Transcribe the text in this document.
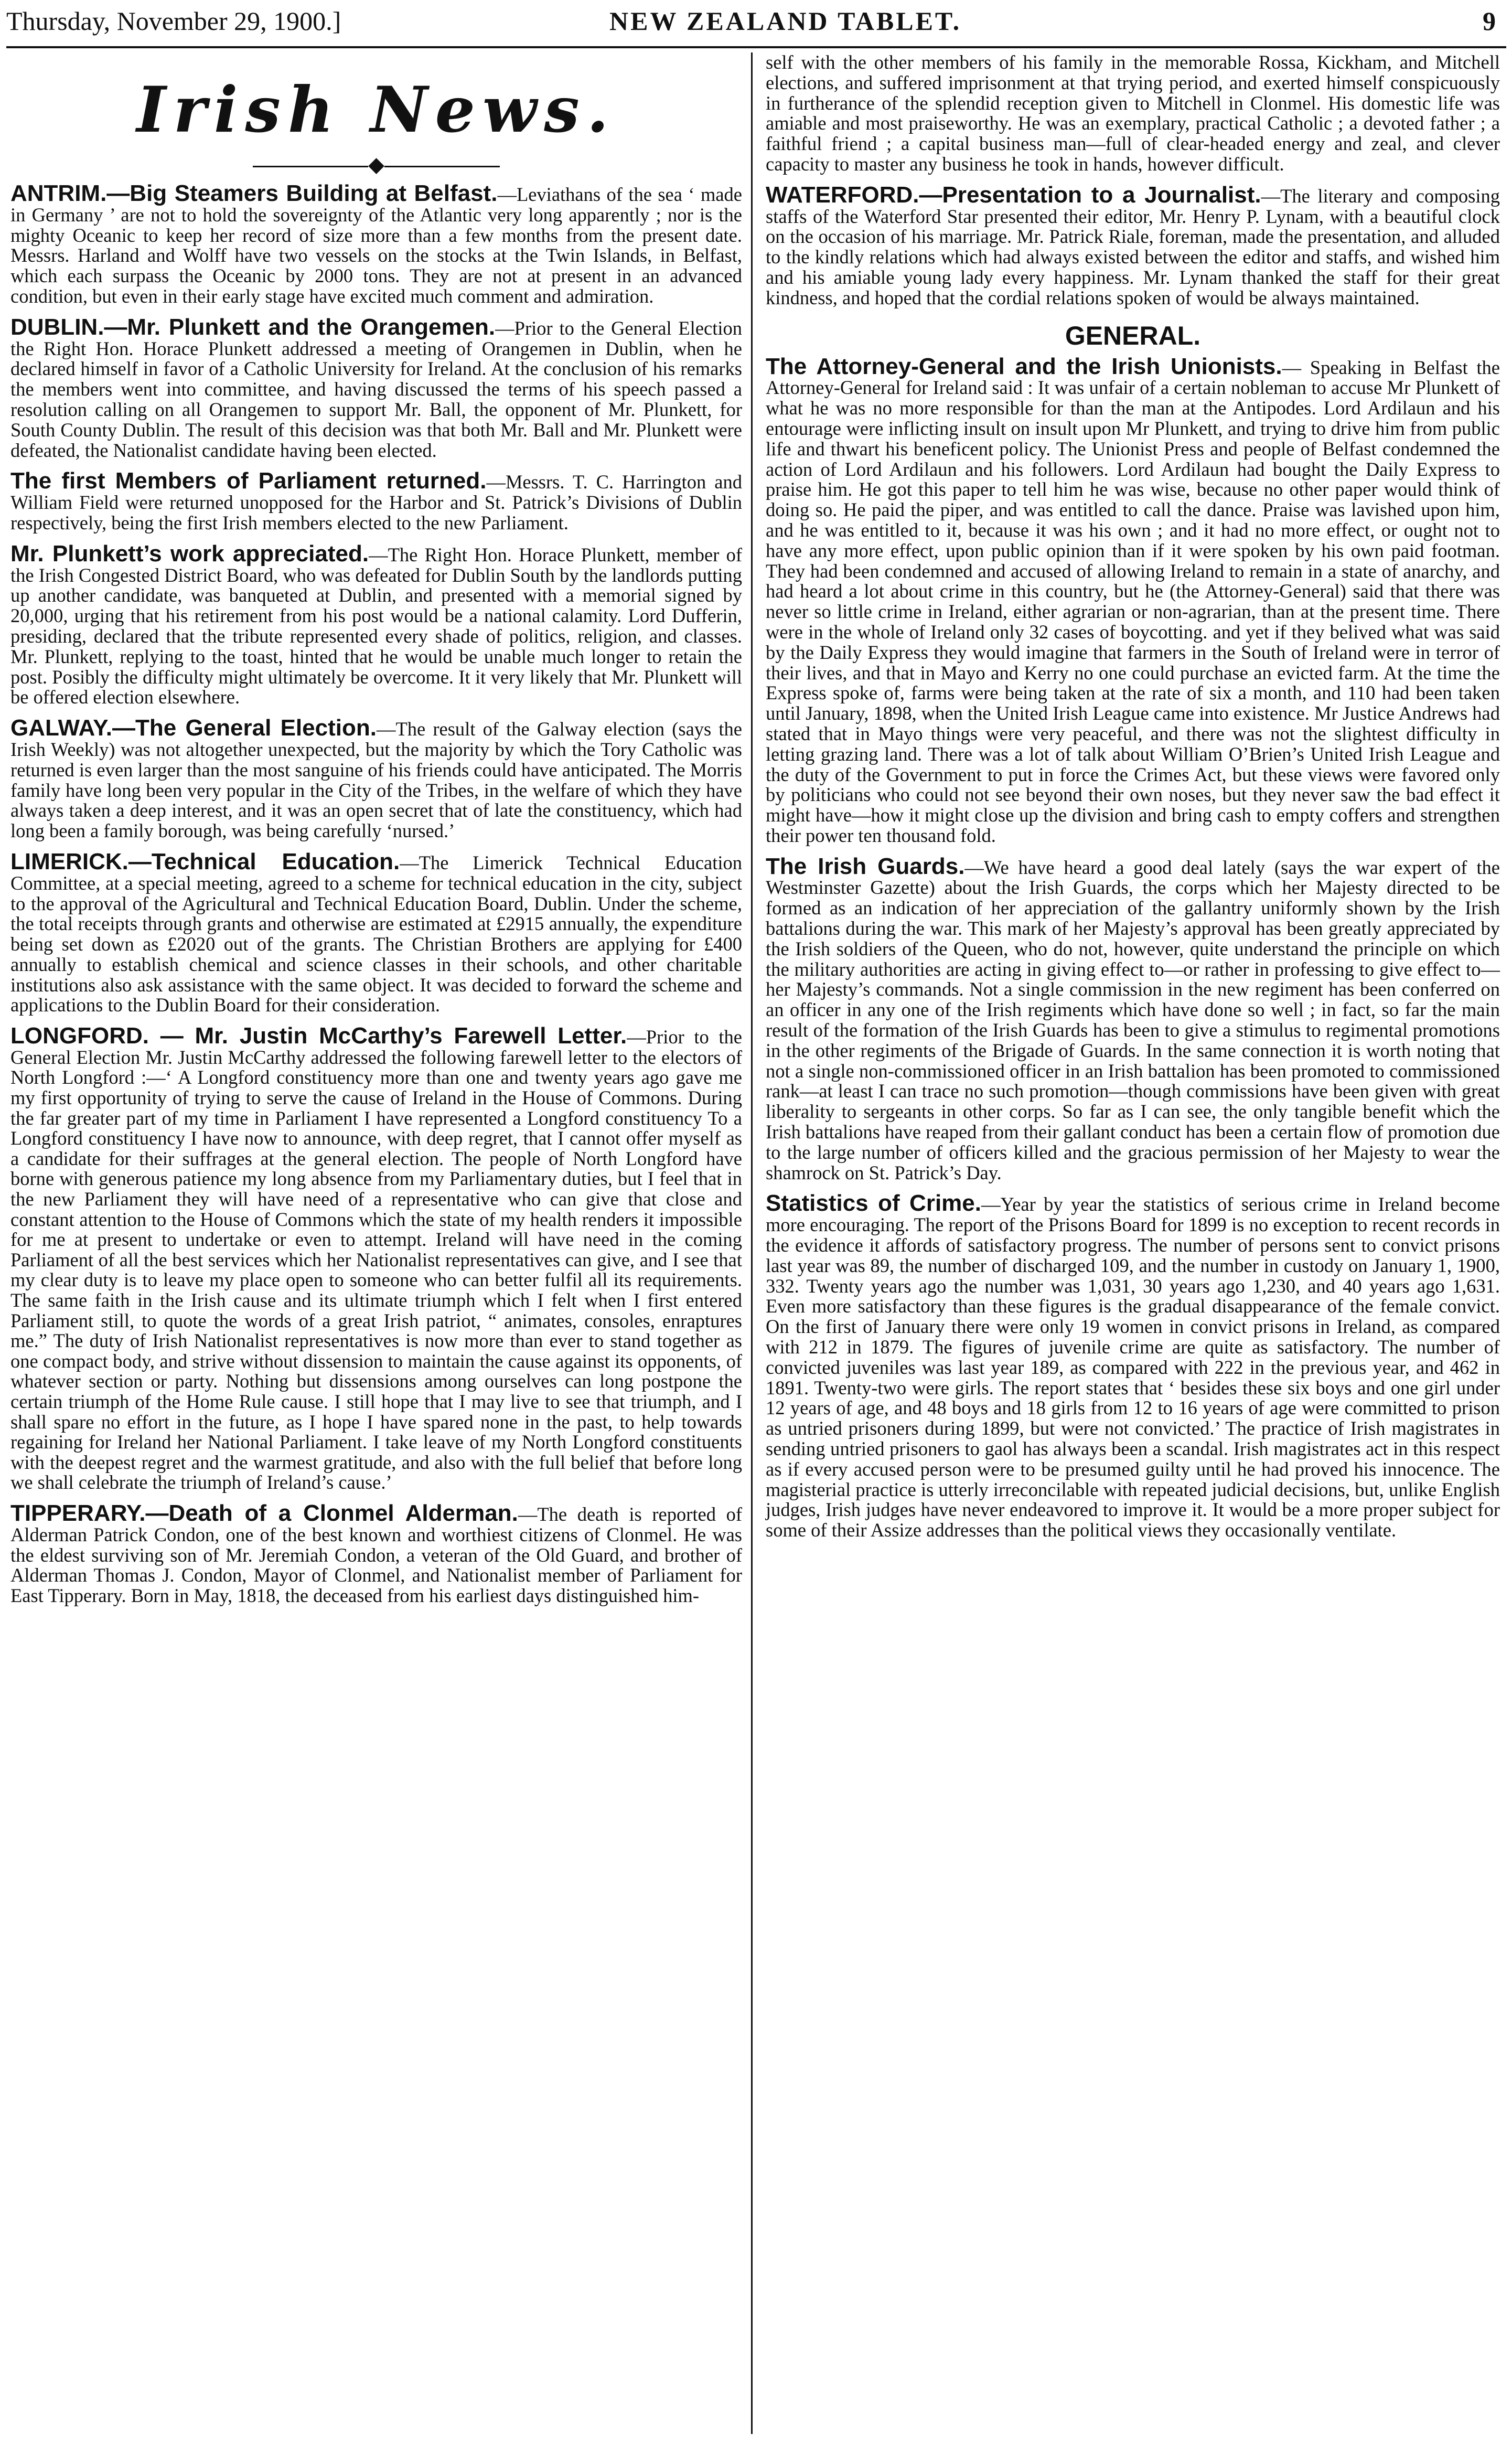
Thursday, November 29, 1900.]	NEW ZEALAND TABLET.	9
Irish News.
◆

ANTRIM.—Big Steamers Building at Belfast.—Leviathans of the sea ‘ made in Germany ’ are not to hold the sovereignty of the Atlantic very long apparently ; nor is the mighty Oceanic to keep her record of size more than a few months from the present date. Messrs. Harland and Wolff have two vessels on the stocks at the Twin Islands, in Belfast, which each surpass the Oceanic by 2000 tons. They are not at present in an advanced condition, but even in their early stage have excited much comment and admiration.

DUBLIN.—Mr. Plunkett and the Orangemen.—Prior to the General Election the Right Hon. Horace Plunkett addressed a meeting of Orangemen in Dublin, when he declared himself in favor of a Catholic University for Ireland. At the conclusion of his remarks the members went into committee, and having discussed the terms of his speech passed a resolution calling on all Orangemen to support Mr. Ball, the opponent of Mr. Plunkett, for South County Dublin. The result of this decision was that both Mr. Ball and Mr. Plunkett were defeated, the Nationalist candidate having been elected.

The first Members of Parliament returned.—Messrs. T. C. Harrington and William Field were returned unopposed for the Harbor and St. Patrick’s Divisions of Dublin respectively, being the first Irish members elected to the new Parliament.

Mr. Plunkett’s work appreciated.—The Right Hon. Horace Plunkett, member of the Irish Congested District Board, who was defeated for Dublin South by the landlords putting up another candidate, was banqueted at Dublin, and presented with a memorial signed by 20,000, urging that his retirement from his post would be a national calamity. Lord Dufferin, presiding, declared that the tribute represented every shade of politics, religion, and classes. Mr. Plunkett, replying to the toast, hinted that he would be unable much longer to retain the post. Posibly the difficulty might ultimately be overcome. It it very likely that Mr. Plunkett will be offered election elsewhere.

GALWAY.—The General Election.—The result of the Galway election (says the Irish Weekly) was not altogether unexpected, but the majority by which the Tory Catholic was returned is even larger than the most sanguine of his friends could have anticipated. The Morris family have long been very popular in the City of the Tribes, in the welfare of which they have always taken a deep interest, and it was an open secret that of late the constituency, which had long been a family borough, was being carefully ‘nursed.’

LIMERICK.—Technical Education.—The Limerick Technical Education Committee, at a special meeting, agreed to a scheme for technical education in the city, subject to the approval of the Agricultural and Technical Education Board, Dublin. Under the scheme, the total receipts through grants and otherwise are estimated at £2915 annually, the expenditure being set down as £2020 out of the grants. The Christian Brothers are applying for £400 annually to establish chemical and science classes in their schools, and other charitable institutions also ask assistance with the same object. It was decided to forward the scheme and applications to the Dublin Board for their consideration.

LONGFORD. — Mr. Justin McCarthy’s Farewell Letter.—Prior to the General Election Mr. Justin McCarthy addressed the following farewell letter to the electors of North Longford :—‘ A Longford constituency more than one and twenty years ago gave me my first opportunity of trying to serve the cause of Ireland in the House of Commons. During the far greater part of my time in Parliament I have represented a Longford constituency To a Longford constituency I have now to announce, with deep regret, that I cannot offer myself as a candidate for their suffrages at the general election. The people of North Longford have borne with generous patience my long absence from my Parliamentary duties, but I feel that in the new Parliament they will have need of a representative who can give that close and constant attention to the House of Commons which the state of my health renders it impossible for me at present to undertake or even to attempt. Ireland will have need in the coming Parliament of all the best services which her Nationalist representatives can give, and I see that my clear duty is to leave my place open to someone who can better fulfil all its requirements. The same faith in the Irish cause and its ultimate triumph which I felt when I first entered Parliament still, to quote the words of a great Irish patriot, “ animates, consoles, enraptures me.” The duty of Irish Nationalist representatives is now more than ever to stand together as one compact body, and strive without dissension to maintain the cause against its opponents, of whatever section or party. Nothing but dissensions among ourselves can long postpone the certain triumph of the Home Rule cause. I still hope that I may live to see that triumph, and I shall spare no effort in the future, as I hope I have spared none in the past, to help towards regaining for Ireland her National Parliament. I take leave of my North Longford constituents with the deepest regret and the warmest gratitude, and also with the full belief that before long we shall celebrate the triumph of Ireland’s cause.’

TIPPERARY.—Death of a Clonmel Alderman.—The death is reported of Alderman Patrick Condon, one of the best known and worthiest citizens of Clonmel. He was the eldest surviving son of Mr. Jeremiah Condon, a veteran of the Old Guard, and brother of Alderman Thomas J. Condon, Mayor of Clonmel, and Nationalist member of Parliament for East Tipperary. Born in May, 1818, the deceased from his earliest days distinguished him-

self with the other members of his family in the memorable Rossa, Kickham, and Mitchell elections, and suffered imprisonment at that trying period, and exerted himself conspicuously in furtherance of the splendid reception given to Mitchell in Clonmel. His domestic life was amiable and most praiseworthy. He was an exemplary, practical Catholic ; a devoted father ; a faithful friend ; a capital business man—full of clear-headed energy and zeal, and clever capacity to master any business he took in hands, however difficult.

WATERFORD.—Presentation to a Journalist.—The literary and composing staffs of the Waterford Star presented their editor, Mr. Henry P. Lynam, with a beautiful clock on the occasion of his marriage. Mr. Patrick Riale, foreman, made the presentation, and alluded to the kindly relations which had always existed between the editor and staffs, and wished him and his amiable young lady every happiness. Mr. Lynam thanked the staff for their great kindness, and hoped that the cordial relations spoken of would be always maintained.

GENERAL.

The Attorney-General and the Irish Unionists.— Speaking in Belfast the Attorney-General for Ireland said : It was unfair of a certain nobleman to accuse Mr Plunkett of what he was no more responsible for than the man at the Antipodes. Lord Ardilaun and his entourage were inflicting insult on insult upon Mr Plunkett, and trying to drive him from public life and thwart his beneficent policy. The Unionist Press and people of Belfast condemned the action of Lord Ardilaun and his followers. Lord Ardilaun had bought the Daily Express to praise him. He got this paper to tell him he was wise, because no other paper would think of doing so. He paid the piper, and was entitled to call the dance. Praise was lavished upon him, and he was entitled to it, because it was his own ; and it had no more effect, or ought not to have any more effect, upon public opinion than if it were spoken by his own paid footman. They had been condemned and accused of allowing Ireland to remain in a state of anarchy, and had heard a lot about crime in this country, but he (the Attorney-General) said that there was never so little crime in Ireland, either agrarian or non-agrarian, than at the present time. There were in the whole of Ireland only 32 cases of boycotting. and yet if they belived what was said by the Daily Express they would imagine that farmers in the South of Ireland were in terror of their lives, and that in Mayo and Kerry no one could purchase an evicted farm. At the time the Express spoke of, farms were being taken at the rate of six a month, and 110 had been taken until January, 1898, when the United Irish League came into existence. Mr Justice Andrews had stated that in Mayo things were very peaceful, and there was not the slightest difficulty in letting grazing land. There was a lot of talk about William O’Brien’s United Irish League and the duty of the Government to put in force the Crimes Act, but these views were favored only by politicians who could not see beyond their own noses, but they never saw the bad effect it might have—how it might close up the division and bring cash to empty coffers and strengthen their power ten thousand fold.

The Irish Guards.—We have heard a good deal lately (says the war expert of the Westminster Gazette) about the Irish Guards, the corps which her Majesty directed to be formed as an indication of her appreciation of the gallantry uniformly shown by the Irish battalions during the war. This mark of her Majesty’s approval has been greatly appreciated by the Irish soldiers of the Queen, who do not, however, quite understand the principle on which the military authorities are acting in giving effect to—or rather in professing to give effect to—her Majesty’s commands. Not a single commission in the new regiment has been conferred on an officer in any one of the Irish regiments which have done so well ; in fact, so far the main result of the formation of the Irish Guards has been to give a stimulus to regimental promotions in the other regiments of the Brigade of Guards. In the same connection it is worth noting that not a single non-commissioned officer in an Irish battalion has been promoted to commissioned rank—at least I can trace no such promotion—though commissions have been given with great liberality to sergeants in other corps. So far as I can see, the only tangible benefit which the Irish battalions have reaped from their gallant conduct has been a certain flow of promotion due to the large number of officers killed and the gracious permission of her Majesty to wear the shamrock on St. Patrick’s Day.

Statistics of Crime.—Year by year the statistics of serious crime in Ireland become more encouraging. The report of the Prisons Board for 1899 is no exception to recent records in the evidence it affords of satisfactory progress. The number of persons sent to convict prisons last year was 89, the number of discharged 109, and the number in custody on January 1, 1900, 332. Twenty years ago the number was 1,031, 30 years ago 1,230, and 40 years ago 1,631. Even more satisfactory than these figures is the gradual disappearance of the female convict. On the first of January there were only 19 women in convict prisons in Ireland, as compared with 212 in 1879. The figures of juvenile crime are quite as satisfactory. The number of convicted juveniles was last year 189, as compared with 222 in the previous year, and 462 in 1891. Twenty-two were girls. The report states that ‘ besides these six boys and one girl under 12 years of age, and 48 boys and 18 girls from 12 to 16 years of age were committed to prison as untried prisoners during 1899, but were not convicted.’ The practice of Irish magistrates in sending untried prisoners to gaol has always been a scandal. Irish magistrates act in this respect as if every accused person were to be presumed guilty until he had proved his innocence. The magisterial practice is utterly irreconcilable with repeated judicial decisions, but, unlike English judges, Irish judges have never endeavored to improve it. It would be a more proper subject for some of their Assize addresses than the political views they occasionally ventilate.
